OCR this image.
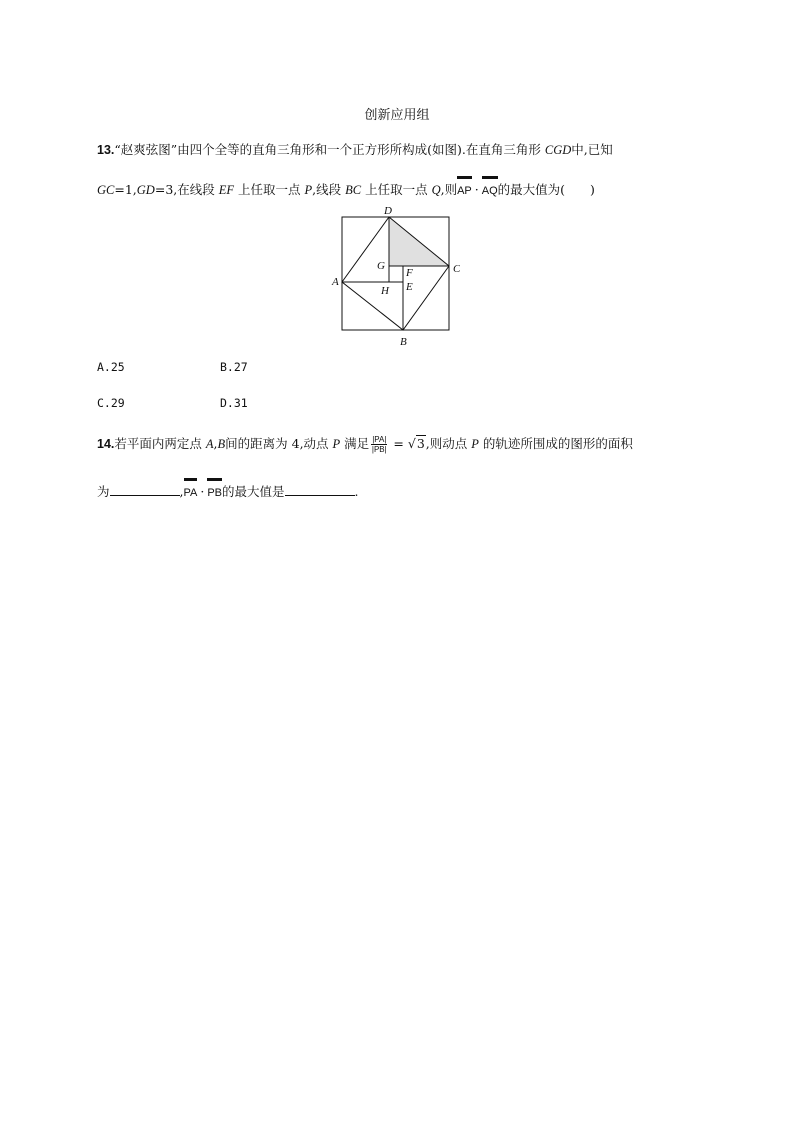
创新应用组
13.“赵爽弦图”由四个全等的直角三角形和一个正方形所构成(如图).在直角三角形 CGD中,已知
GC=1,GD=3,在线段 EF 上任取一点 P,线段 BC 上任取一点 Q,则AP · AQ的最大值为(　　)
D
A
C
B
G
F
H E
A.25	B.27
C.29	D.31
14.若平面内两定点 A,B间的距离为 4,动点 P 满足 $\frac{|PA|}{|PB|} = √3$,则动点 P 的轨迹所围成的图形的面积
为	,PA · PB的最大值是	.
